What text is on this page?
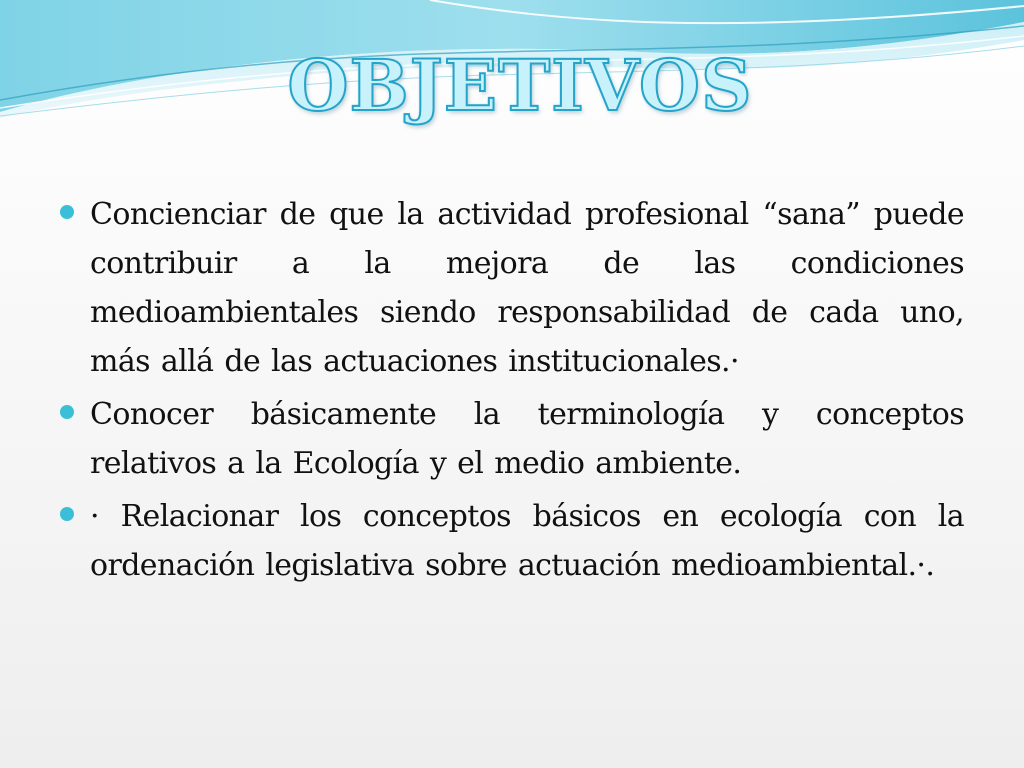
OBJETIVOS
Concienciar de que la actividad profesional “sana” puede contribuir a la mejora de las condiciones medioambientales siendo responsabilidad de cada uno, más allá de las actuaciones institucionales.·
Conocer básicamente la terminología y conceptos relativos a la Ecología y el medio ambiente.
· Relacionar los conceptos básicos en ecología con la ordenación legislativa sobre actuación medioambiental.·.
